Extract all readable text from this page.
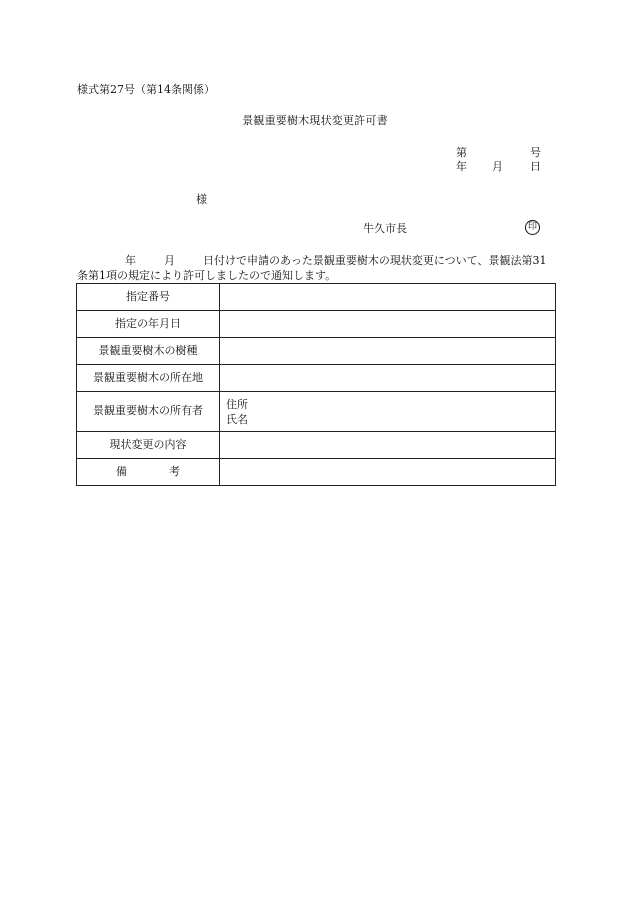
様式第27号（第14条関係）
景観重要樹木現状変更許可書
第	号
年 月 日
様
牛久市長	印
年	月	日付けで申請のあった景観重要樹木の現状変更について、景観法第31条第1項の規定により許可しましたので通知します。
指定番号	
指定の年月日	
景観重要樹木の樹種	
景観重要樹木の所在地	
景観重要樹木の所有者	住所
氏名

現状変更の内容	
備 考	
